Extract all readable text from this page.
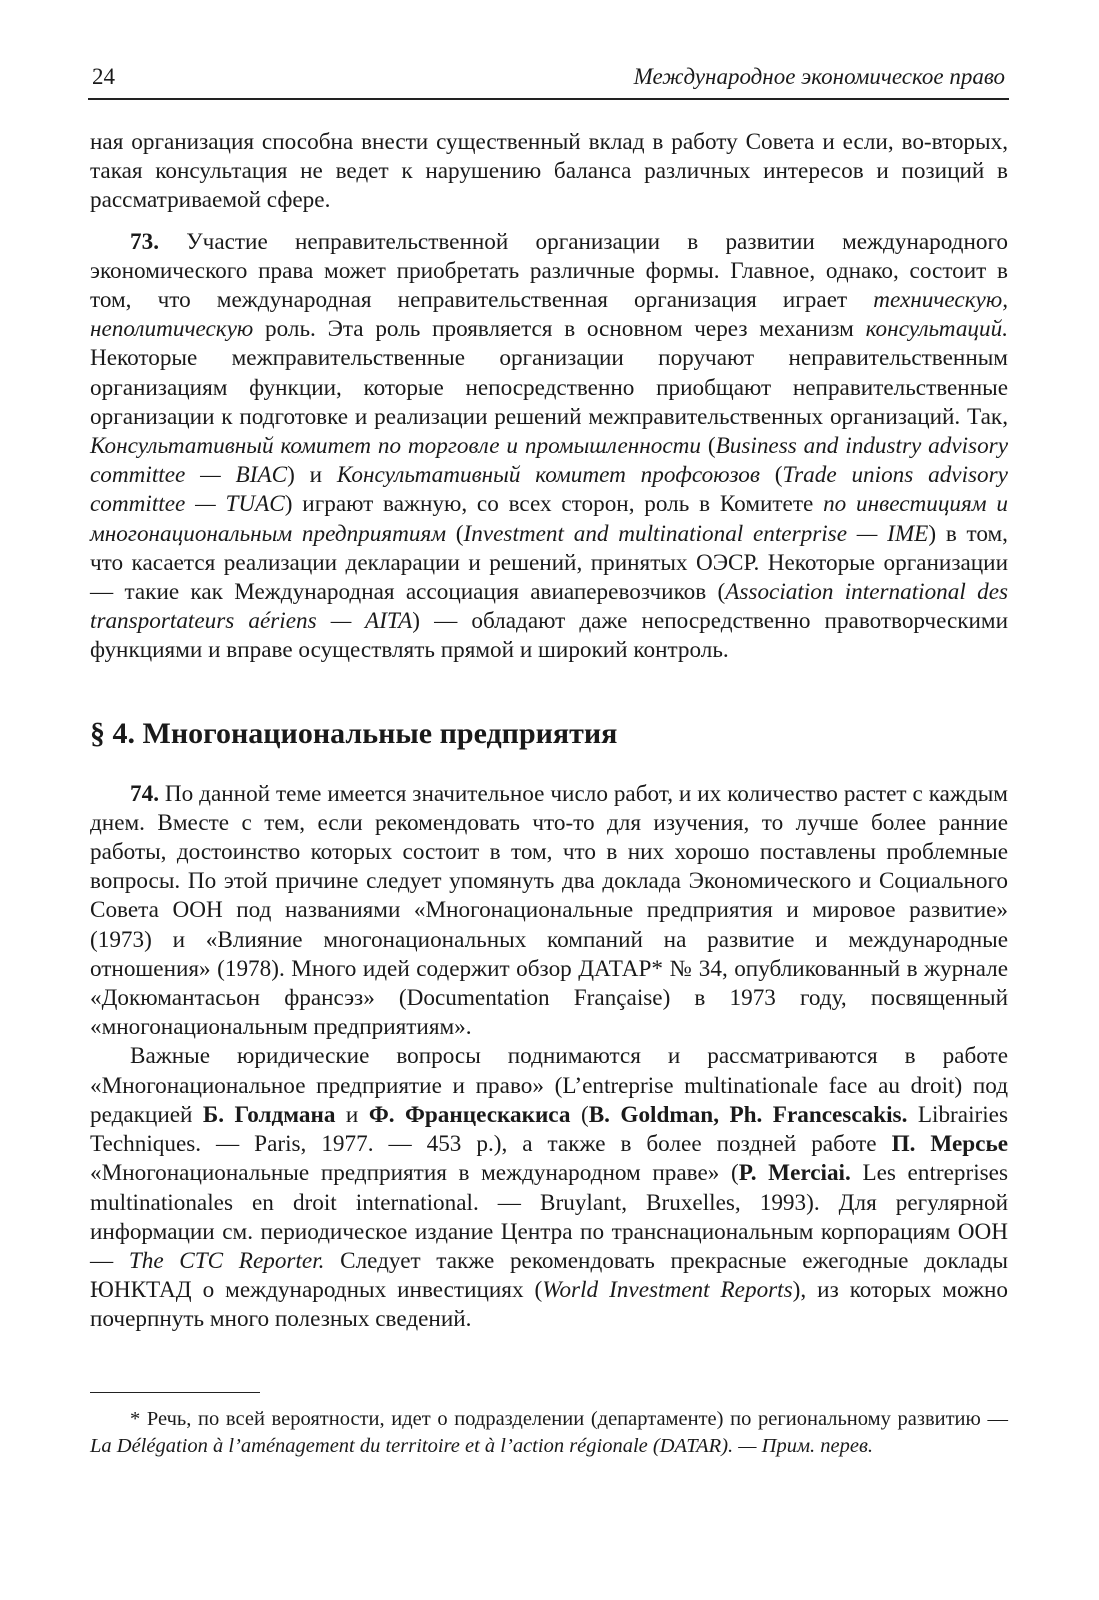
24	Международное экономическое право

ная организация способна внести существенный вклад в работу Совета и если, во-вторых, такая консультация не ведет к нарушению баланса различных интересов и позиций в рассматриваемой сфере.

73. Участие неправительственной организации в развитии международного экономического права может приобретать различные формы. Главное, однако, состоит в том, что международная неправительственная организация играет техническую, неполитическую роль. Эта роль проявляется в основном через механизм консультаций. Некоторые межправительственные организации поручают неправительственным организациям функции, которые непосредственно приобщают неправительственные организации к подготовке и реализации решений межправительственных организаций. Так, Консультативный комитет по торговле и промышленности (Business and industry advisory committee — BIAC) и Консультативный комитет профсоюзов (Trade unions advisory committee — TUAC) играют важную, со всех сторон, роль в Комитете по инвестициям и многонациональным предприятиям (Investment and multinational enterprise — IME) в том, что касается реализации декларации и решений, принятых ОЭСР. Некоторые организации — такие как Международная ассоциация авиаперевозчиков (Association international des transportateurs aériens — AITA) — обладают даже непосредственно правотворческими функциями и вправе осуществлять прямой и широкий контроль.

§ 4. Многонациональные предприятия

74. По данной теме имеется значительное число работ, и их количество растет с каждым днем. Вместе с тем, если рекомендовать что-то для изучения, то лучше более ранние работы, достоинство которых состоит в том, что в них хорошо поставлены проблемные вопросы. По этой причине следует упомянуть два доклада Экономического и Социального Совета ООН под названиями «Многонациональные предприятия и мировое развитие» (1973) и «Влияние многонациональных компаний на развитие и международные отношения» (1978). Много идей содержит обзор ДАТАР* № 34, опубликованный в журнале «Докюмантасьон франсэз» (Documentation Française) в 1973 году, посвященный «многонациональным предприятиям».

Важные юридические вопросы поднимаются и рассматриваются в работе «Многонациональное предприятие и право» (L’entreprise multinationale face au droit) под редакцией Б. Голдмана и Ф. Францескакиса (B. Goldman, Ph. Francescakis. Librairies Techniques. — Paris, 1977. — 453 p.), а также в более поздней работе П. Мерсье «Многонациональные предприятия в международном праве» (P. Merciai. Les entreprises multinationales en droit international. — Bruylant, Bruxelles, 1993). Для регулярной информации см. периодическое издание Центра по транснациональным корпорациям ООН — The CTC Reporter. Следует также рекомендовать прекрасные ежегодные доклады ЮНКТАД о международных инвестициях (World Investment Reports), из которых можно почерпнуть много полезных сведений.

* Речь, по всей вероятности, идет о подразделении (департаменте) по региональному развитию — La Délégation à l’aménagement du territoire et à l’action régionale (DATAR). — Прим. перев.
